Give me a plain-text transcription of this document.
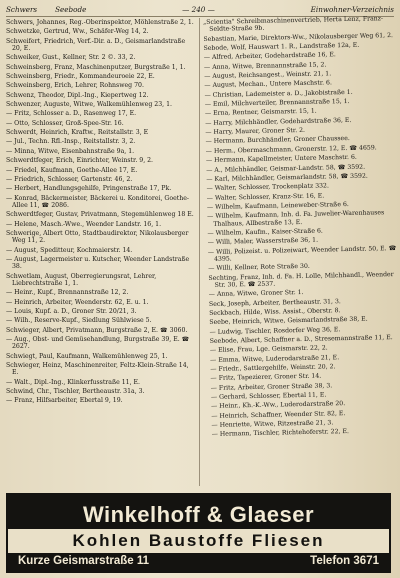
Schwers	Seebode	— 240 —	Einwohner-Verzeichnis
Schwers, Johannes, Reg.-Oberinspektor, Möhlenstraße 2, 1.
Schwetzke, Gertrud, Ww., Schäfer-Weg 14, 2.
Schweifert, Friedrich, Verf.-Dir. a. D., Geismarlandstraße 20, E.
Schweiker, Gust., Kellner, Str. 2 ©. 33, 2.
Schweinsberg, Franz, Maschinenputzer, Burgstraße 1, 1.
Schweinsberg, Friedr., Kommandeuroeie 22, E.
Schweinsberg, Erich, Lehrer, Rohnsweg 70.
Schwenz, Theodor, Dipl.-Ing., Kiepertweg 12.
Schwenzer, Auguste, Witwe, Walkemühlenweg 23, 1.
— Fritz, Schlosser a. D., Rasenweg 17, E.
— Otto, Schlosser, Groß-Spee-Str. 16.
Schwerdt, Heinrich, Kraftw., Reitstallstr. 3, E
— Jul., Techn. Rfl.-Insp., Reitstallstr. 3, 2.
— Minna, Witwe, Eisenbahnstraße 9a, 1.
Schwerdtfeger, Erich, Einrichter, Weinstr. 9, 2.
— Friedel, Kaufmann, Goethe-Allee 17, E.
— Friedrich, Schlosser, Gartenstr. 46, 2.
— Herbert, Handlungsgehilfe, Pringenstraße 17, Pk.
— Konrad, Bäckermeister, Bäckerei u. Konditorei, Goethe-Allee 11, ☎ 2086.
Schwerdtfeger, Gustav, Privatmann, Stegemühlenweg 18 E.
— Helene, Masch.-Wwe., Weender Landstr. 16, 1.
Schwerige, Albert Otto, Stadtbaudirektor, Nikolausberger Weg 11, 2.
— August, Speditteur, Kochmaierstr. 14.
— August, Lagermeister u. Kutscher, Weender Landstraße 38.
Schwetlam, August, Oberregierungsrat, Lehrer, Liebrechtstraße 1, 1.
— Heinr., Kupf., Brennannstraße 12, 2.
— Heinrich, Arbeiter, Weenderstr. 62, E. u. 1.
— Louis, Kupf. a. D., Groner Str. 20/21, 3.
— Wilh., Reserve-Kupf., Siedlung Sühlwiese 5.
Schwieger, Albert, Privatmann, Burgstraße 2, E. ☎ 3060.
— Aug., Obst- und Gemüsehandlung, Burgstraße 39, E. ☎ 2627.
Schwiegt, Paul, Kaufmann, Walkemühlenweg 25, 1.
Schwieger, Heinz, Maschinenreiter, Feltz-Klein-Straße 14, E.
— Walt., Dipl.-Ing., Klinkerfusstraße 11, E.
Schwind, Chr., Tischler, Bertheaustr. 31a, 3.
— Franz, Hilfsarbeiter, Ebertal 9, 19.
„Scientia" Schreibmaschinenvertrieb, Herta Lenz, Franz-Seldte-Straße 9b.
Sebastian, Marie, Direktors-Ww., Nikolausberger Weg 61, 2.
Sebode, Wolf, Hauswart 1. R., Landstraße 12a, E.
— Alfred, Arbeiter, Godehardstraße 16, E.
— Anna, Witwe, Brennannstraße 15, 2.
— August, Reichsangest., Weinstr. 21, 1.
— August, Mechan., Untere Maschstr. 6.
— Christian, Lademeister a. D., Jakobistraße 1.
— Emil, Milchverteiler, Brennannstraße 15, 1.
— Erna, Rentner, Geismarstr. 15, 1.
— Harry, Milchhändler, Godehardstraße 36, E.
— Harry, Maurer, Groner Str. 2.
— Hermann, Burchhändler, Groner Chaussee.
— Herm., Obermaschmann, Gronerstr. 12, E. ☎ 4659.
— Hermann, Kapellmeister, Untere Maschstr. 6.
— A., Milchhändler, Geismar-Landstr. 58, ☎ 3592.
— Karl, Milchhändler, Geismarlandstr. 58, ☎ 3592.
— Walter, Schlosser, Trockenplatz 332.
— Walter, Schlosser, Kranz-Str. 16, E.
— Wilhelm, Kaufmann, Leineweber-Straße 6.
— Wilhelm, Kaufmann, Inh. d. Fa. Juwelier-Warenhauses Thalhaus, Allbestraße 13, E.
— Wilhelm, Kaufm., Kaiser-Straße 6.
— Willi, Maler, Wasserstraße 36, 1.
— Willi, Polizeist. u. Polizeiwart, Weender Landstr. 50, E. ☎ 4395.
— Willi, Kellner, Rote Straße 30.
Sechting, Franz, Inh. d. Fa. H. Lolle, Milchhandl., Weender Str. 30, E. ☎ 2537.
— Anna, Witwe, Groner Str. 1.
Seck, Joseph, Arbeiter, Bertheaustr. 31, 3.
Seckbach, Hilde, Wiss. Assist., Oberstr. 8.
Seebe, Heinrich, Witwe, Geismarlandstraße 38, E.
— Ludwig, Tischler, Rosdorfer Weg 36, E.
Seebode, Albert, Schaffner a. D., Stresemannstraße 11, E.
— Elise, Frau, Lge. Geismarstr. 22, 2.
— Emma, Witwe, Luderodarstraße 21, E.
— Friedr., Sattlergehilfe, Weinstr. 20, 2.
— Fritz, Tapezierer, Groner Str. 14.
— Fritz, Arbeiter, Groner Straße 38, 3.
— Gerhard, Schlosser, Ebertal 11, E.
— Heinr., Kh.-K.-Ww., Luderodarstraße 20.
— Heinrich, Schaffner, Weender Str. 82, E.
— Henriette, Witwe, Ritzestraße 21, 3.
— Hermann, Tischler, Richtehoferstr. 22, E.
Winkelhoff & Glaeser
Kohlen Baustoffe Fliesen
Kurze Geismarstraße 11	Telefon 3671
